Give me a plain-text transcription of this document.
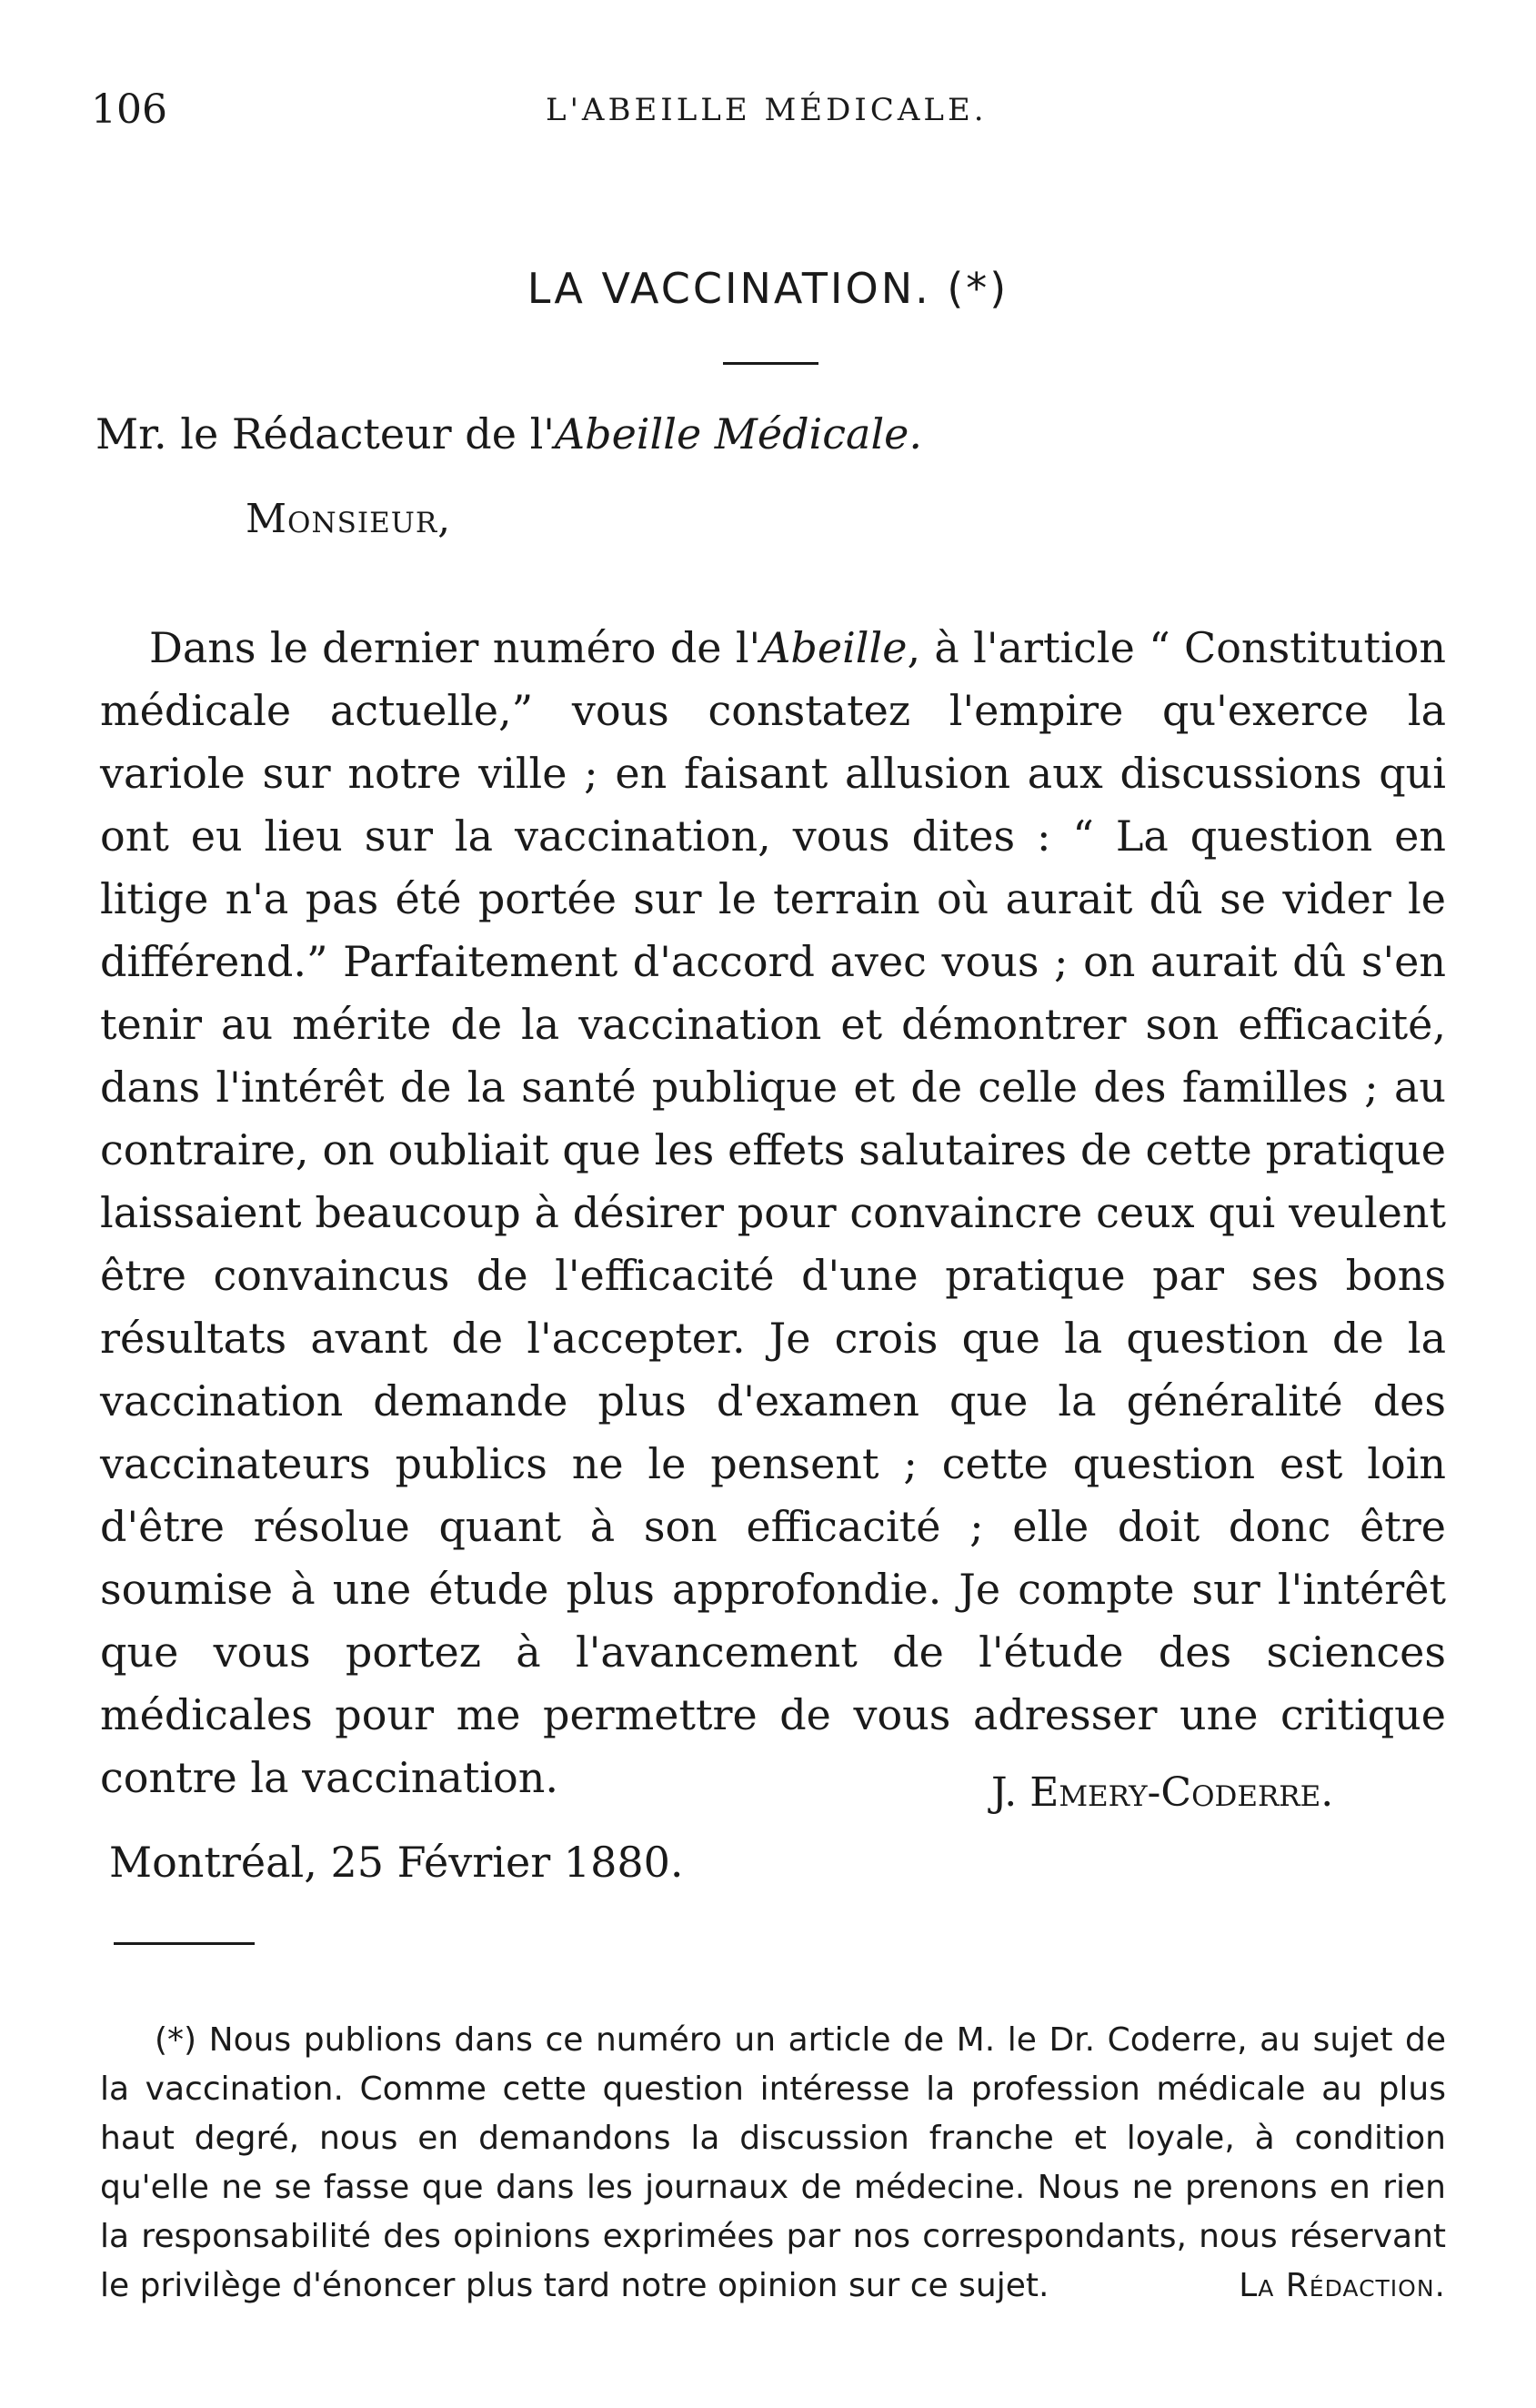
106	L'ABEILLE MÉDICALE.
LA VACCINATION. (*)
Mr. le Rédacteur de l'Abeille Médicale.
Monsieur,

Dans le dernier numéro de l'Abeille, à l'article “ Constitution médicale actuelle,” vous constatez l'empire qu'exerce la variole sur notre ville ; en faisant allusion aux discussions qui ont eu lieu sur la vaccination, vous dites : “ La question en litige n'a pas été portée sur le terrain où aurait dû se vider le différend.” Parfaitement d'accord avec vous ; on aurait dû s'en tenir au mérite de la vaccination et démontrer son efficacité, dans l'intérêt de la santé publique et de celle des familles ; au contraire, on oubliait que les effets salutaires de cette pratique laissaient beaucoup à désirer pour convaincre ceux qui veulent être convaincus de l'efficacité d'une pratique par ses bons résultats avant de l'accepter. Je crois que la question de la vaccination demande plus d'examen que la généralité des vaccinateurs publics ne le pensent ; cette question est loin d'être résolue quant à son efficacité ; elle doit donc être soumise à une étude plus approfondie. Je compte sur l'intérêt que vous portez à l'avancement de l'étude des sciences médicales pour me permettre de vous adresser une critique contre la vaccination.	J. Emery-Coderre.
Montréal, 25 Février 1880.

(*) Nous publions dans ce numéro un article de M. le Dr. Coderre, au sujet de la vaccination. Comme cette question intéresse la profession médicale au plus haut degré, nous en demandons la discussion franche et loyale, à condition qu'elle ne se fasse que dans les journaux de médecine. Nous ne prenons en rien la responsabilité des opinions exprimées par nos correspondants, nous réservant le privilège d'énoncer plus tard notre opinion sur ce sujet.	La Rédaction.
